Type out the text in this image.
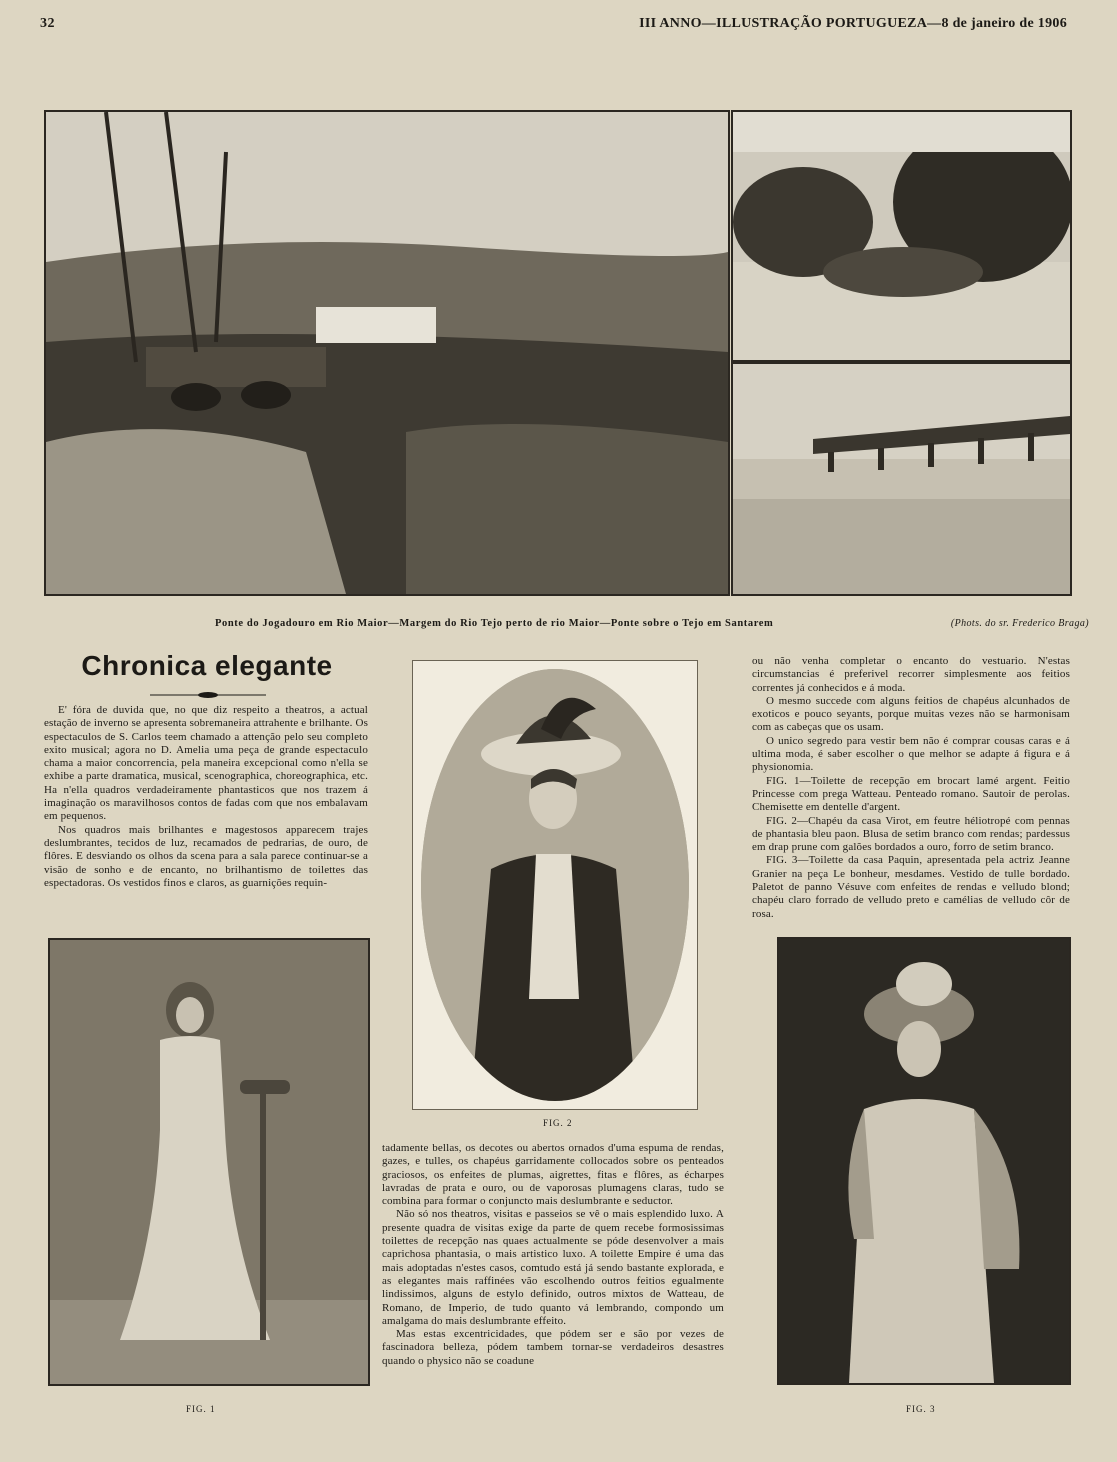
32	III ANNO—ILLUSTRAÇÃO PORTUGUEZA—8 de janeiro de 1906
Ponte do Jogadouro em Rio Maior—Margem do Rio Tejo perto de rio Maior—Ponte sobre o Tejo em Santarem	(Phots. do sr. Frederico Braga)
Chronica elegante

E' fóra de duvida que, no que diz respeito a theatros, a actual estação de inverno se apresenta sobremaneira attrahente e brilhante. Os espectaculos de S. Carlos teem chamado a attenção pelo seu completo exito musical; agora no D. Amelia uma peça de grande espectaculo chama a maior concorrencia, pela maneira excepcional como n'ella se exhibe a parte dramatica, musical, scenographica, choreographica, etc. Ha n'ella quadros verdadeiramente phantasticos que nos trazem á imaginação os maravilhosos contos de fadas com que nos embalavam em pequenos.

Nos quadros mais brilhantes e magestosos apparecem trajes deslumbrantes, tecidos de luz, recamados de pedrarias, de ouro, de flôres. E desviando os olhos da scena para a sala parece continuar-se a visão de sonho e de encanto, no brilhantismo de toilettes das espectadoras. Os vestidos finos e claros, as guarnições requin-

FIG. 1
FIG. 2

tadamente bellas, os decotes ou abertos ornados d'uma espuma de rendas, gazes, e tulles, os chapéus garridamente collocados sobre os penteados graciosos, os enfeites de plumas, aigrettes, fitas e flôres, as écharpes lavradas de prata e ouro, ou de vaporosas plumagens claras, tudo se combina para formar o conjuncto mais deslumbrante e seductor.

Não só nos theatros, visitas e passeios se vê o mais esplendido luxo. A presente quadra de visitas exige da parte de quem recebe formosissimas toilettes de recepção nas quaes actualmente se póde desenvolver a mais caprichosa phantasia, o mais artistico luxo. A toilette Empire é uma das mais adoptadas n'estes casos, comtudo está já sendo bastante explorada, e as elegantes mais raffinées vão escolhendo outros feitios egualmente lindissimos, alguns de estylo definido, outros mixtos de Watteau, de Romano, de Imperio, de tudo quanto vá lembrando, compondo um amalgama do mais deslumbrante effeito.

Mas estas excentricidades, que pódem ser e são por vezes de fascinadora belleza, pódem tambem tornar-se verdadeiros desastres quando o physico não se coadune

ou não venha completar o encanto do vestuario. N'estas circumstancias é preferivel recorrer simplesmente aos feitios correntes já conhecidos e á moda.

O mesmo succede com alguns feitios de chapéus alcunhados de exoticos e pouco seyants, porque muitas vezes não se harmonisam com as cabeças que os usam.

O unico segredo para vestir bem não é comprar cousas caras e á ultima moda, é saber escolher o que melhor se adapte á figura e á physionomia.

FIG. 1—Toilette de recepção em brocart lamé argent. Feitio Princesse com prega Watteau. Penteado romano. Sautoir de perolas. Chemisette em dentelle d'argent.

FIG. 2—Chapéu da casa Virot, em feutre héliotropé com pennas de phantasia bleu paon. Blusa de setim branco com rendas; pardessus em drap prune com galões bordados a ouro, forro de setim branco.

FIG. 3—Toilette da casa Paquin, apresentada pela actriz Jeanne Granier na peça Le bonheur, mesdames. Vestido de tulle bordado. Paletot de panno Vésuve com enfeites de rendas e velludo blond; chapéu claro forrado de velludo preto e camélias de velludo côr de rosa.

FIG. 3
